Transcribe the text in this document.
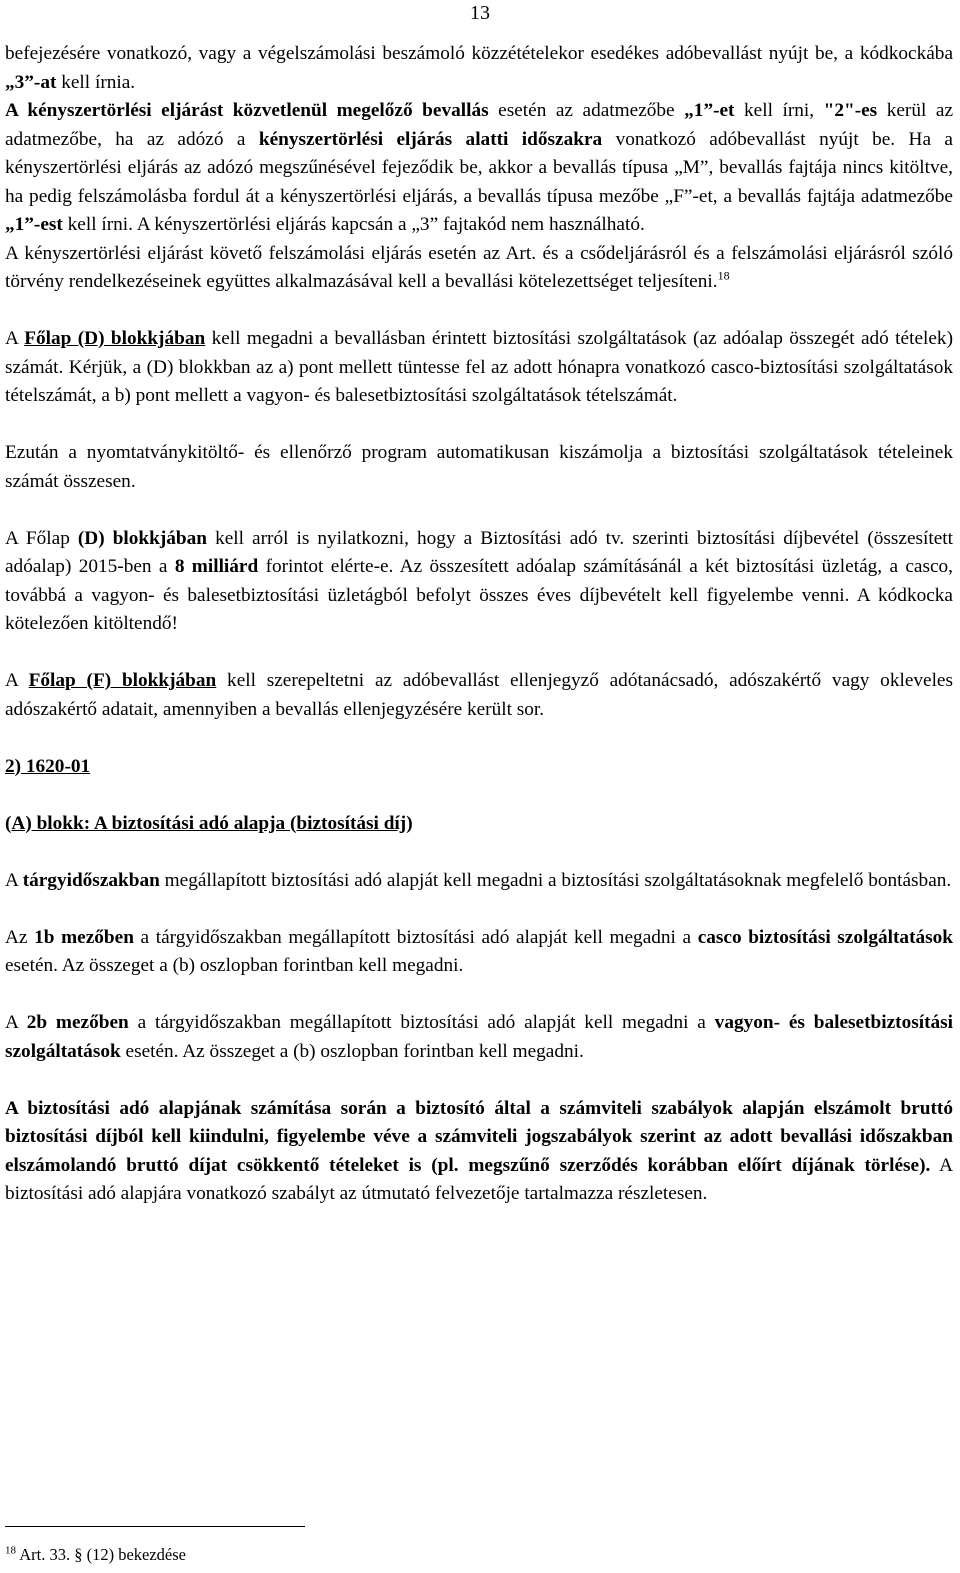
13

befejezésére vonatkozó, vagy a végelszámolási beszámoló közzétételekor esedékes adóbevallást nyújt be, a kódkockába „3”-at kell írnia.

A kényszertörlési eljárást közvetlenül megelőző bevallás esetén az adatmezőbe „1”-et kell írni, "2"-es kerül az adatmezőbe, ha az adózó a kényszertörlési eljárás alatti időszakra vonatkozó adóbevallást nyújt be. Ha a kényszertörlési eljárás az adózó megszűnésével fejeződik be, akkor a bevallás típusa „M”, bevallás fajtája nincs kitöltve, ha pedig felszámolásba fordul át a kényszertörlési eljárás, a bevallás típusa mezőbe „F”-et, a bevallás fajtája adatmezőbe „1”-est kell írni. A kényszertörlési eljárás kapcsán a „3” fajtakód nem használható.

A kényszertörlési eljárást követő felszámolási eljárás esetén az Art. és a csődeljárásról és a felszámolási eljárásról szóló törvény rendelkezéseinek együttes alkalmazásával kell a bevallási kötelezettséget teljesíteni.$^{18}$

A Főlap (D) blokkjában kell megadni a bevallásban érintett biztosítási szolgáltatások (az adóalap összegét adó tételek) számát. Kérjük, a (D) blokkban az a) pont mellett tüntesse fel az adott hónapra vonatkozó casco-biztosítási szolgáltatások tételszámát, a b) pont mellett a vagyon- és balesetbiztosítási szolgáltatások tételszámát.

Ezután a nyomtatványkitöltő- és ellenőrző program automatikusan kiszámolja a biztosítási szolgáltatások tételeinek számát összesen.

A Főlap (D) blokkjában kell arról is nyilatkozni, hogy a Biztosítási adó tv. szerinti biztosítási díjbevétel (összesített adóalap) 2015-ben a 8 milliárd forintot elérte-e. Az összesített adóalap számításánál a két biztosítási üzletág, a casco, továbbá a vagyon- és balesetbiztosítási üzletágból befolyt összes éves díjbevételt kell figyelembe venni. A kódkocka kötelezően kitöltendő!

A Főlap (F) blokkjában kell szerepeltetni az adóbevallást ellenjegyző adótanácsadó, adószakértő vagy okleveles adószakértő adatait, amennyiben a bevallás ellenjegyzésére került sor.

2) 1620-01

(A) blokk: A biztosítási adó alapja (biztosítási díj)

A tárgyidőszakban megállapított biztosítási adó alapját kell megadni a biztosítási szolgáltatásoknak megfelelő bontásban.

Az 1b mezőben a tárgyidőszakban megállapított biztosítási adó alapját kell megadni a casco biztosítási szolgáltatások esetén. Az összeget a (b) oszlopban forintban kell megadni.

A 2b mezőben a tárgyidőszakban megállapított biztosítási adó alapját kell megadni a vagyon- és balesetbiztosítási szolgáltatások esetén. Az összeget a (b) oszlopban forintban kell megadni.

A biztosítási adó alapjának számítása során a biztosító által a számviteli szabályok alapján elszámolt bruttó biztosítási díjból kell kiindulni, figyelembe véve a számviteli jogszabályok szerint az adott bevallási időszakban elszámolandó bruttó díjat csökkentő tételeket is (pl. megszűnő szerződés korábban előírt díjának törlése). A biztosítási adó alapjára vonatkozó szabályt az útmutató felvezetője tartalmazza részletesen.

$^{18}$ Art. 33. § (12) bekezdése
